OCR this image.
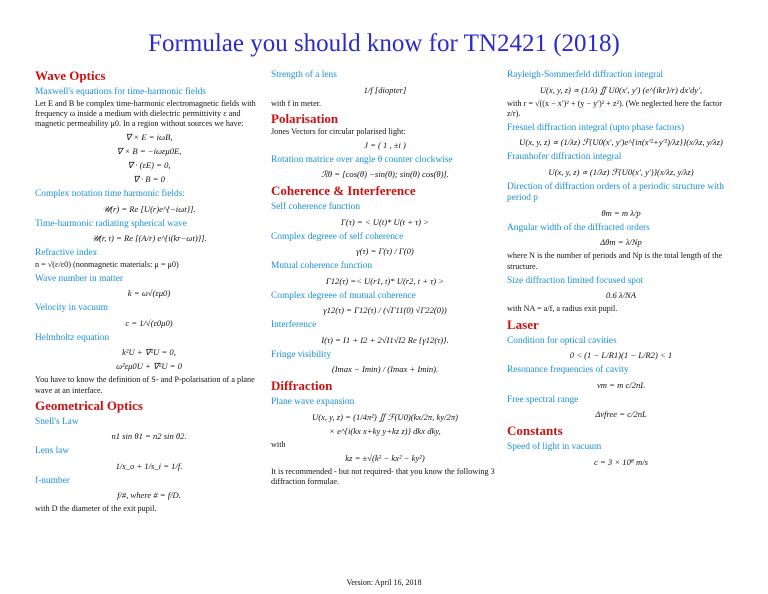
Formulae you should know for TN2421 (2018)
Wave Optics
Maxwell's equations for time-harmonic fields
Let E and B be complex time-harmonic electromagnetic fields with frequency ω inside a medium with dielectric permittivity ε and magnetic permeability μ0. In a region without sources we have:
∇ × E = iωB,
∇ × B = −iωεμ0E,
∇ · (εE) = 0,
∇ · B = 0
Complex notation time harmonic fields:
𝒰(r) = Re [U(r)e^{−iωt}].
Time-harmonic radiating spherical wave
𝒰(r, t) = Re [(A/r) e^{i(kr−ωt)}].
Refractive index
n = √(ε/ε0) (nonmagnetic materials: μ = μ0)
Wave number in matter
k = ω√(εμ0)
Velocity in vacuum
c = 1/√(ε0μ0)
Helmholtz equation
k²U + ∇²U = 0,
ω²εμ0U + ∇²U = 0
You have to know the definition of S- and P-polarisation of a plane wave at an interface.
Geometrical Optics
Snell's Law
n1 sin θ1 = n2 sin θ2.
Lens law
1/s_o + 1/s_i = 1/f.
f-number
f/#, where # = f/D.
with D the diameter of the exit pupil.
Strength of a lens
1/f [diopter]
with f in meter.
Polarisation
Jones Vectors for circular polarised light:
J = ( 1 , ±i )
Rotation matrice over angle θ counter clockwise
ℛθ = [cos(θ) −sin(θ); sin(θ) cos(θ)].
Coherence & Interference
Self coherence function
Γ(τ) = < U(t)* U(t + τ) >
Complex degreee of self coherence
γ(τ) = Γ(τ) / Γ(0)
Mutual coherence function
Γ12(τ) =< U(r1, t)* U(r2, t + τ) >
Complex degreee of mutual coherence
γ12(τ) = Γ12(τ) / (√Γ11(0) √Γ22(0))
Interference
I(τ) = I1 + I2 + 2√I1√I2 Re {γ12(τ)}.
Fringe visibility
(Imax − Imin) / (Imax + Imin).
Diffraction
Plane wave expansion
U(x, y, z) = (1/4π²) ∬ ℱ(U0)(kx/2π, ky/2π)
× e^{i(kx x+ky y+kz z)} dkx dky,
with
kz = ±√(k² − kx² − ky²)
It is recommended - but not required- that you know the following 3 diffraction formulae.
Rayleigh-Sommerfeld diffraction integral
U(x, y, z) ∝ (1/λ) ∬ U0(x′, y′) (e^{ikr}/r) dx′dy′,
with r = √((x − x′)² + (y − y′)² + z²). (We neglected here the factor z/r).
Fresnel diffraction integral (upto phase factors)
U(x, y, z) ∝ (1/λz) ℱ{U0(x′, y′)e^{iπ(x′²+y′²)/λz}}(x/λz, y/λz)
Fraunhofer diffraction integral
U(x, y, z) ∝ (1/λz) ℱ{U0(x′, y′)}(x/λz, y/λz)
Direction of diffraction orders of a periodic structure with period p
θm = m λ/p
Angular width of the diffracted orders
Δθm = λ/Np
where N is the number of periods and Np is the total length of the structure.
Size diffraction limited focused spot
0.6 λ/NA
with NA = a/f, a radius exit pupil.
Laser
Condition for optical cavities
0 < (1 − L/R1)(1 − L/R2) < 1
Resonance frequencies of cavity
νm = m c/2nL
Free spectral range
Δνfree = c/2nL
Constants
Speed of light in vacuum
c = 3 × 10⁸ m/s
Version: April 16, 2018
